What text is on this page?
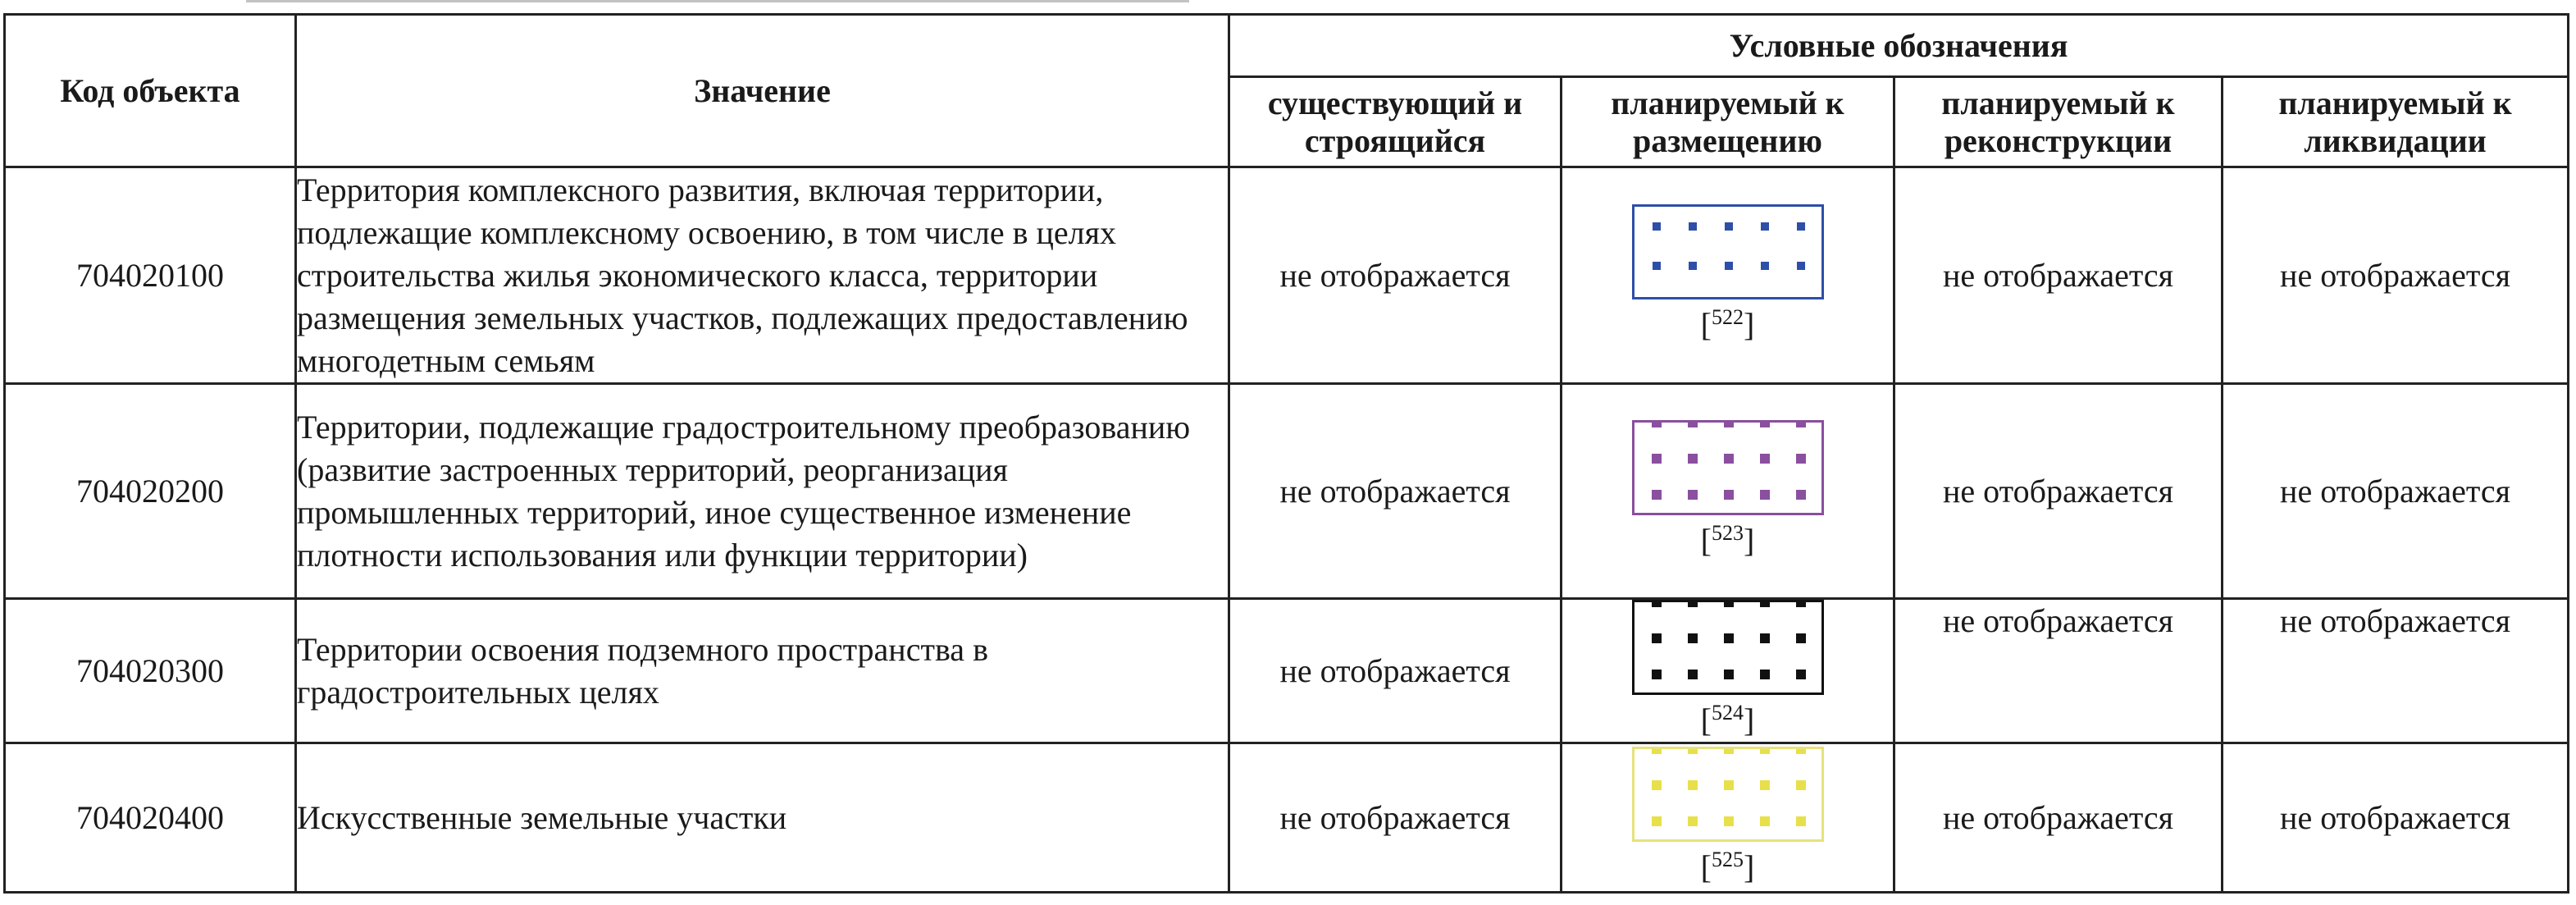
Код объекта	Значение	Условные обозначения			
		существующий и строящийся	планируемый к размещению	планируемый к реконструкции	планируемый к ликвидации
704020100	Территория комплексного развития, включая территории, подлежащие комплексному освоению, в том числе в целях строительства жилья экономического класса, территории размещения земельных участков, подлежащих предоставлению многодетным семьям	не отображается	[$^{522}$]	не отображается	не отображается
704020200	Территории, подлежащие градостроительному преобразованию (развитие застроенных территорий, реорганизация промышленных территорий, иное существенное изменение плотности использования или функции территории)	не отображается	[$^{523}$]	не отображается	не отображается
704020300	Территории освоения подземного пространства в градостроительных целях	не отображается	[$^{524}$]	не отображается	не отображается
704020400	Искусственные земельные участки	не отображается	[$^{525}$]	не отображается	не отображается
